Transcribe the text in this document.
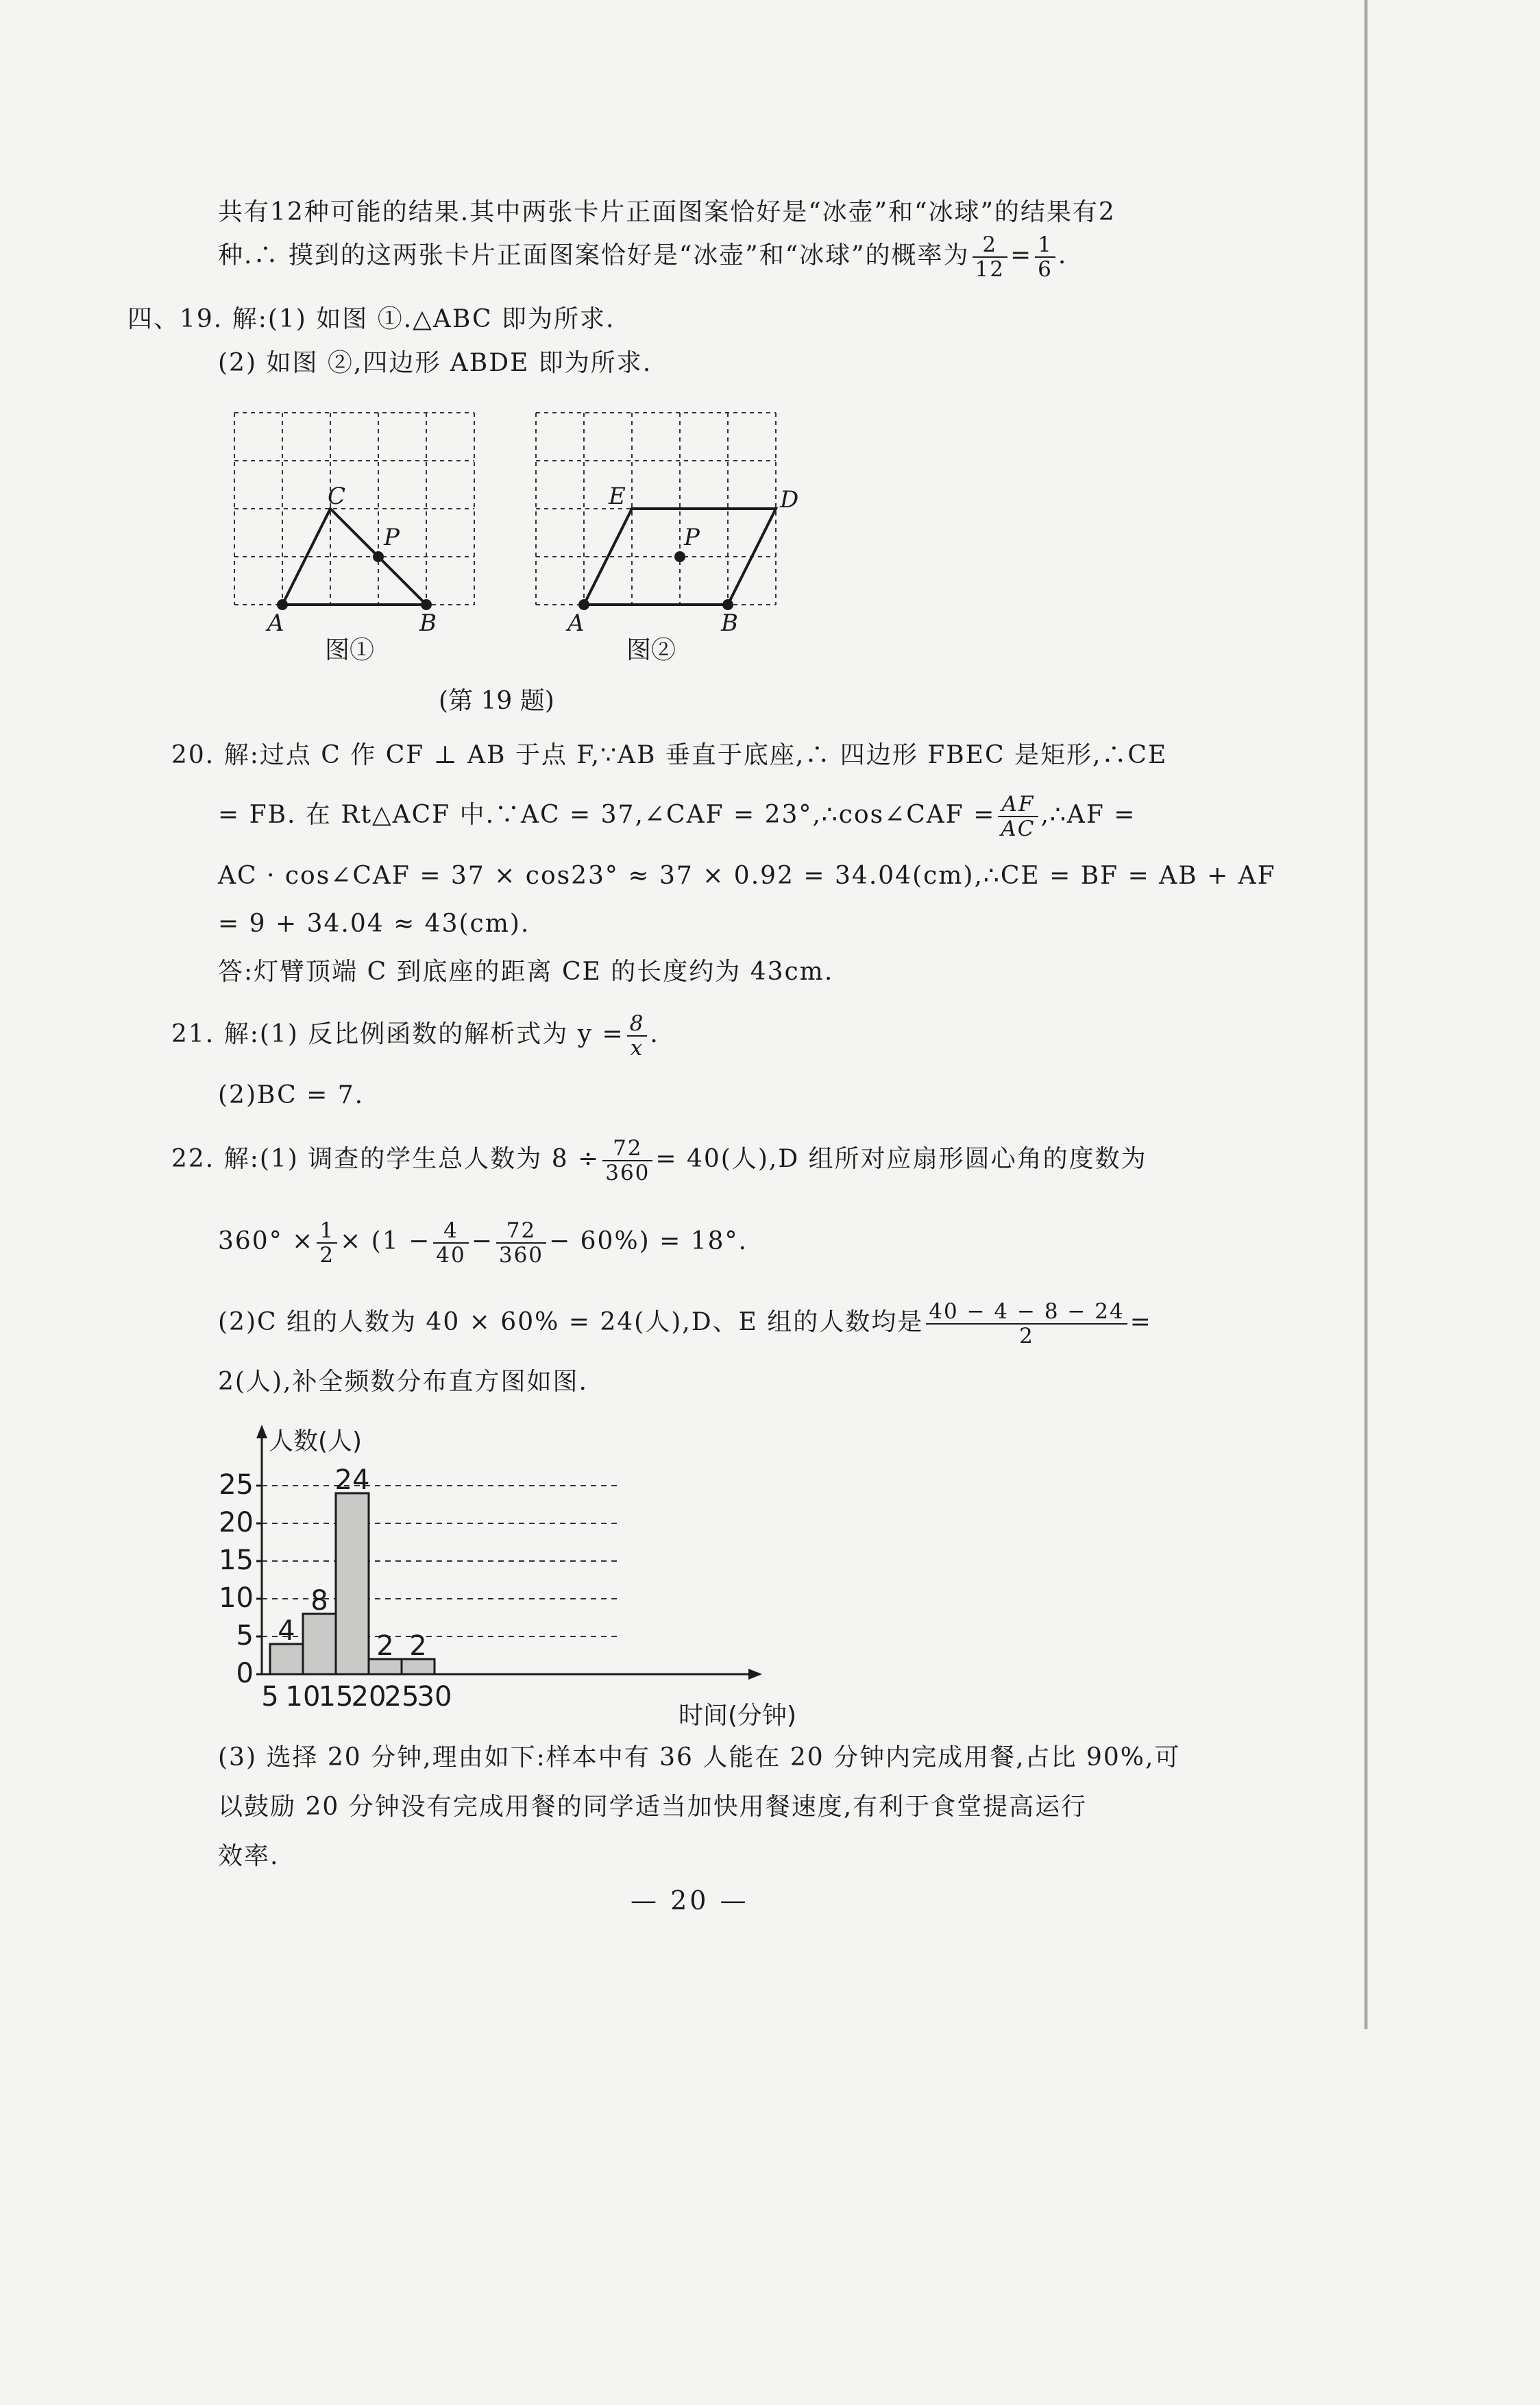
共有12种可能的结果.其中两张卡片正面图案恰好是“冰壶”和“冰球”的结果有2
种.∴ 摸到的这两张卡片正面图案恰好是“冰壶”和“冰球”的概率为 $\frac{2}{12} = \frac{1}{6}$ .
四、19. 解:(1) 如图 ①.△ABC 即为所求.
(2) 如图 ②,四边形 ABDE 即为所求.
C
P
A	B
图①
E	D
P
A	B
图②
(第 19 题)
20. 解:过点 C 作 CF ⊥ AB 于点 F,∵AB 垂直于底座,∴ 四边形 FBEC 是矩形,∴CE
= FB. 在 Rt△ACF 中.∵AC = 37,∠CAF = 23°,∴cos∠CAF = $\frac{AF}{AC}$ ,∴AF =
AC · cos∠CAF = 37 × cos23° ≈ 37 × 0.92 = 34.04(cm),∴CE = BF = AB + AF
= 9 + 34.04 ≈ 43(cm).
答:灯臂顶端 C 到底座的距离 CE 的长度约为 43cm.
21. 解:(1) 反比例函数的解析式为 $y = \frac{8}{x}$ .
(2)BC = 7.
22. 解:(1) 调查的学生总人数为 $8 \div \frac{72}{360} = 40$(人),D 组所对应扇形圆心角的度数为
$360^\circ \times \frac{1}{2} \times (1 - \frac{4}{40} - \frac{72}{360} - 60\%) = 18^\circ$.
(2)C 组的人数为 40 × 60% = 24(人),D、E 组的人数均是 $\frac{40 - 4 - 8 - 24}{2}$ =
2(人),补全频数分布直方图如图.
4
8
24
2 2
0
5
10
15
20
25
5 10
15
20
25
30
人数(人)
时间(分钟)
(3) 选择 20 分钟,理由如下:样本中有 36 人能在 20 分钟内完成用餐,占比 90%,可
以鼓励 20 分钟没有完成用餐的同学适当加快用餐速度,有利于食堂提高运行
效率.
— 20 —
